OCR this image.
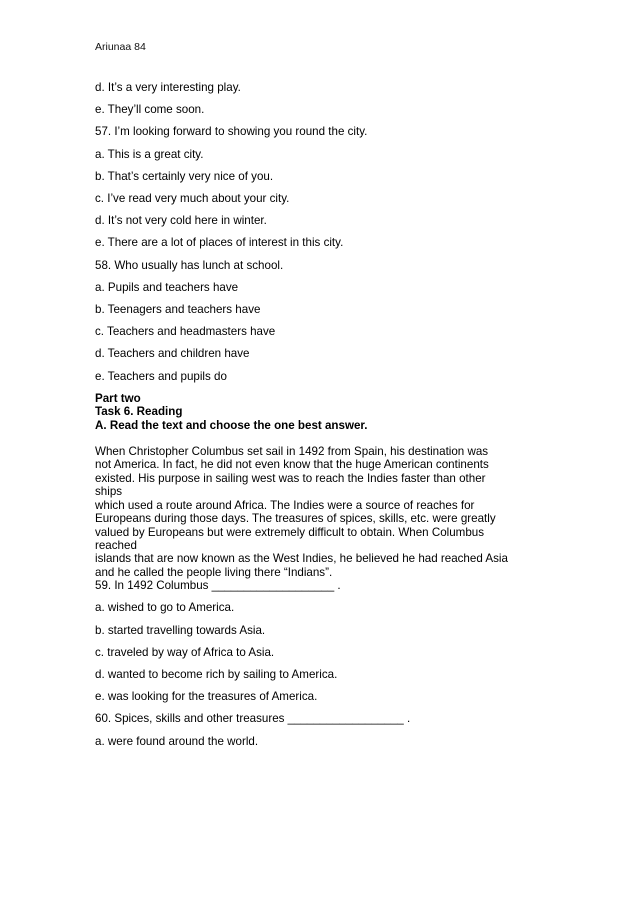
Ariunaa 84

d. It’s a very interesting play.

e. They’ll come soon.

57. I’m looking forward to showing you round the city.

a. This is a great city.

b. That’s certainly very nice of you.

c. I’ve read very much about your city.

d. It’s not very cold here in winter.

e. There are a lot of places of interest in this city.

58. Who usually has lunch at school.

a. Pupils and teachers have

b. Teenagers and teachers have

c. Teachers and headmasters have

d. Teachers and children have

e. Teachers and pupils do

Part two

Task 6. Reading

A. Read the text and choose the one best answer.

When Christopher Columbus set sail in 1492 from Spain, his destination was

not America. In fact, he did not even know that the huge American continents

existed. His purpose in sailing west was to reach the Indies faster than other

ships

which used a route around Africa. The Indies were a source of reaches for

Europeans during those days. The treasures of spices, skills, etc. were greatly

valued by Europeans but were extremely difficult to obtain. When Columbus

reached

islands that are now known as the West Indies, he believed he had reached Asia

and he called the people living there “Indians”.

59. In 1492 Columbus ___________________ .

a. wished to go to America.

b. started travelling towards Asia.

c. traveled by way of Africa to Asia.

d. wanted to become rich by sailing to America.

e. was looking for the treasures of America.

60. Spices, skills and other treasures __________________ .

a. were found around the world.
